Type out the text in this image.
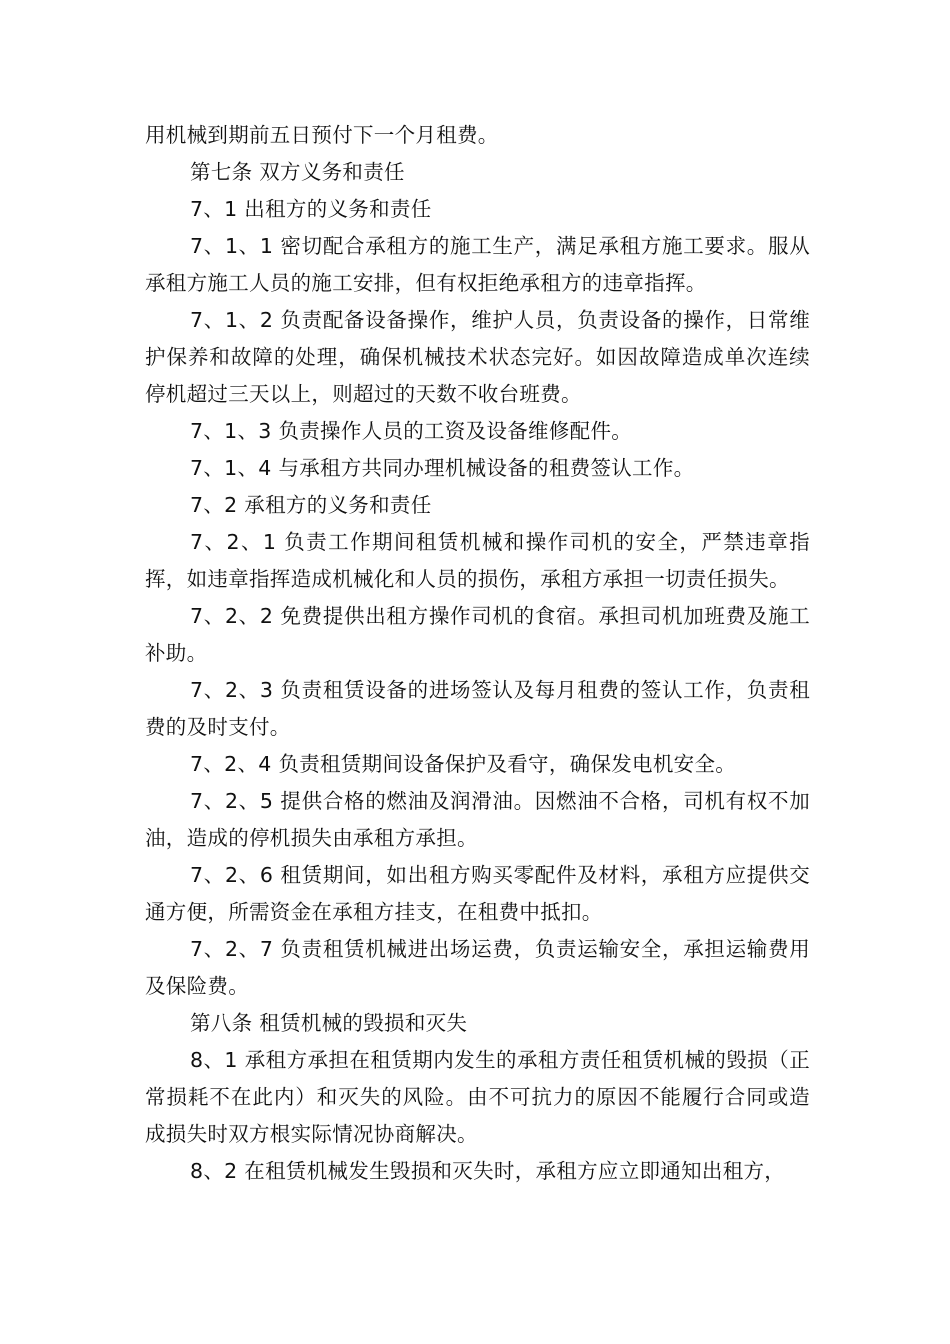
用机械到期前五日预付下一个月租费。

第七条 双方义务和责任

7、1 出租方的义务和责任

7、1、1 密切配合承租方的施工生产，满足承租方施工要求。服从承租方施工人员的施工安排，但有权拒绝承租方的违章指挥。

7、1、2 负责配备设备操作，维护人员，负责设备的操作，日常维护保养和故障的处理，确保机械技术状态完好。如因故障造成单次连续停机超过三天以上，则超过的天数不收台班费。

7、1、3 负责操作人员的工资及设备维修配件。

7、1、4 与承租方共同办理机械设备的租费签认工作。

7、2 承租方的义务和责任

7、2、1 负责工作期间租赁机械和操作司机的安全，严禁违章指挥，如违章指挥造成机械化和人员的损伤，承租方承担一切责任损失。

7、2、2 免费提供出租方操作司机的食宿。承担司机加班费及施工补助。

7、2、3 负责租赁设备的进场签认及每月租费的签认工作，负责租费的及时支付。

7、2、4 负责租赁期间设备保护及看守，确保发电机安全。

7、2、5 提供合格的燃油及润滑油。因燃油不合格，司机有权不加油，造成的停机损失由承租方承担。

7、2、6 租赁期间，如出租方购买零配件及材料，承租方应提供交通方便，所需资金在承租方挂支，在租费中抵扣。

7、2、7 负责租赁机械进出场运费，负责运输安全，承担运输费用及保险费。

第八条 租赁机械的毁损和灭失

8、1 承租方承担在租赁期内发生的承租方责任租赁机械的毁损（正常损耗不在此内）和灭失的风险。由不可抗力的原因不能履行合同或造成损失时双方根实际情况协商解决。

8、2 在租赁机械发生毁损和灭失时，承租方应立即通知出租方，
